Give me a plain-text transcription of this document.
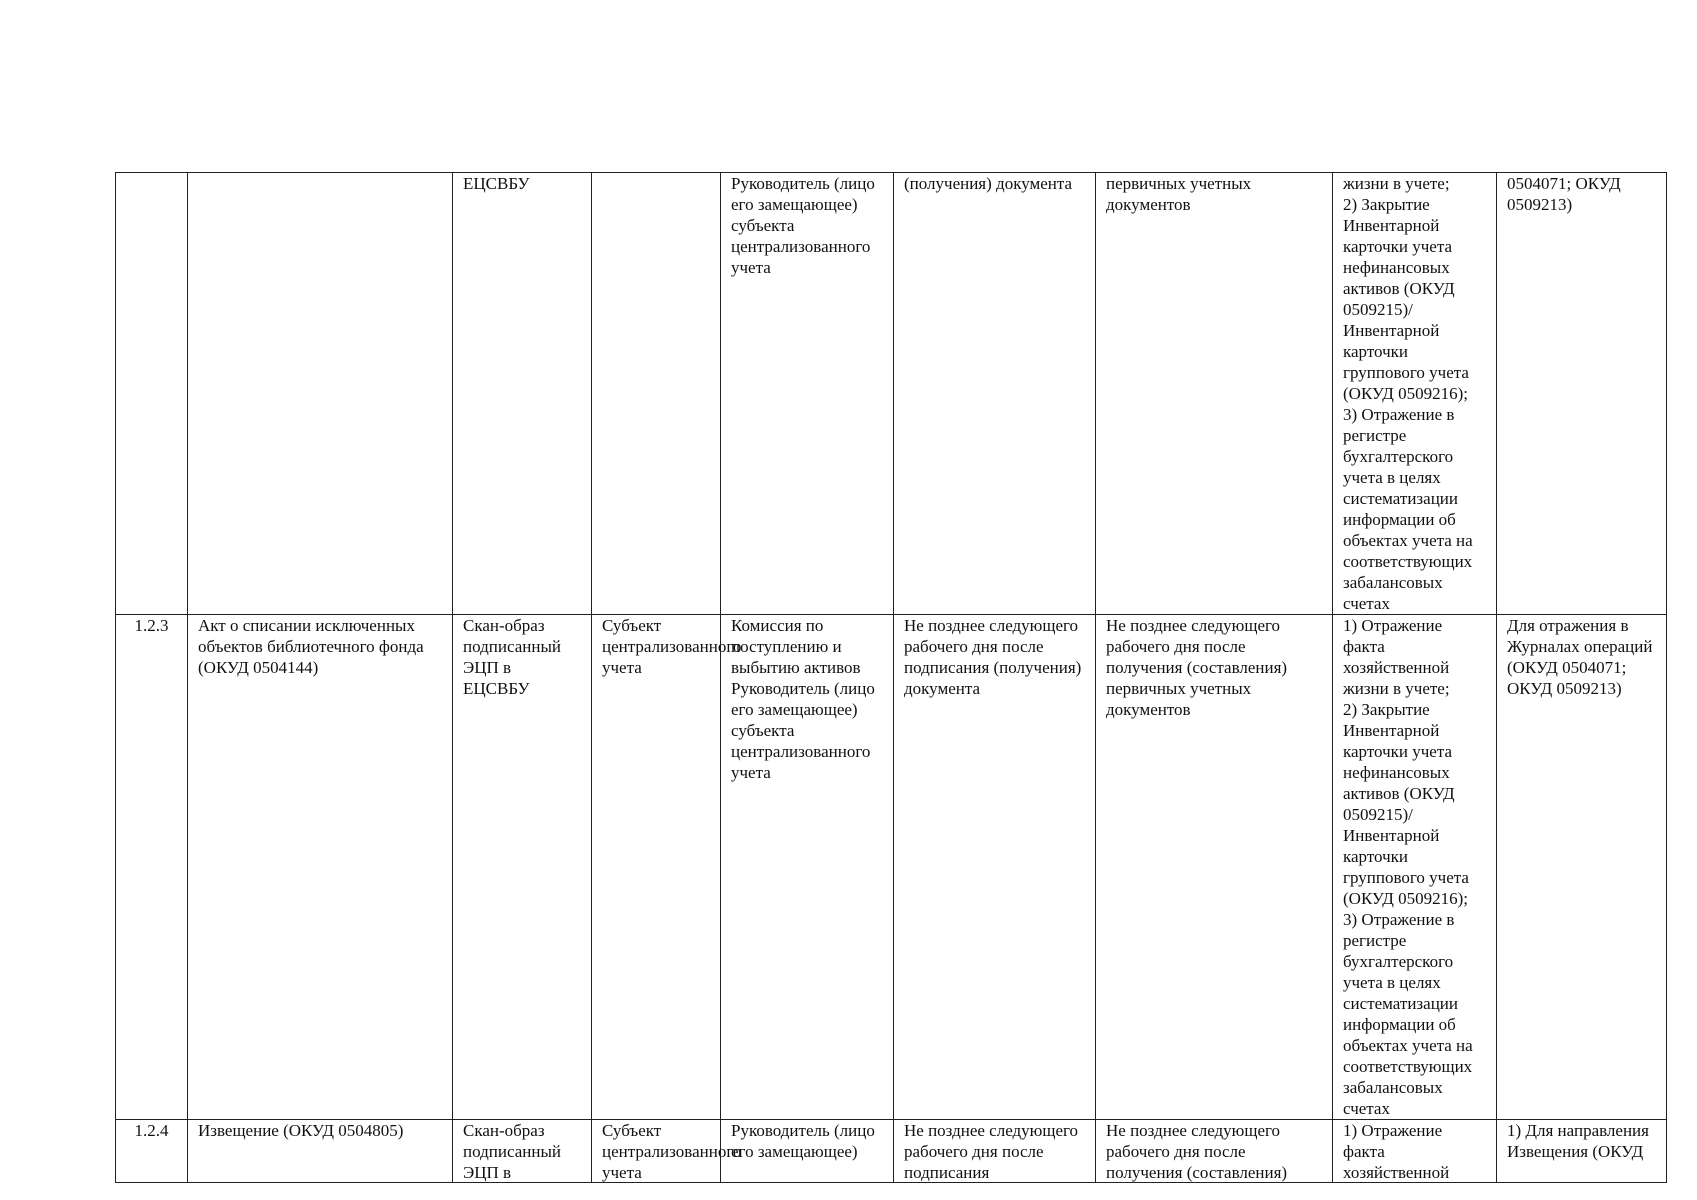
		ЕЦСВБУ		Руководитель (лицо его замещающее) субъекта централизованного учета	(получения) документа	первичных учетных документов	жизни в учете;
2) Закрытие Инвентарной карточки учета нефинансовых активов (ОКУД 0509215)/Инвентарной карточки группового учета (ОКУД 0509216);
3) Отражение в регистре бухгалтерского учета в целях систематизации информации об объектах учета на соответствующих забалансовых счетах	0504071; ОКУД 0509213)

1.2.3	Акт о списании исключенных объектов библиотечного фонда (ОКУД 0504144)	Скан-образ подписанный ЭЦП в ЕЦСВБУ	Субъект централизованного учета	Комиссия по поступлению и выбытию активов Руководитель (лицо его замещающее) субъекта централизованного учета	Не позднее следующего рабочего дня после подписания (получения) документа	Не позднее следующего рабочего дня после получения (составления) первичных учетных документов	1) Отражение факта хозяйственной жизни в учете;
2) Закрытие Инвентарной карточки учета нефинансовых активов (ОКУД 0509215)/Инвентарной карточки группового учета (ОКУД 0509216);
3) Отражение в регистре бухгалтерского учета в целях систематизации информации об объектах учета на соответствующих забалансовых счетах	Для отражения в Журналах операций (ОКУД 0504071; ОКУД 0509213)

1.2.4	Извещение (ОКУД 0504805)	Скан-образ подписанный ЭЦП в	Субъект централизованного учета	Руководитель (лицо его замещающее)	Не позднее следующего рабочего дня после подписания	Не позднее следующего рабочего дня после получения (составления)	1) Отражение факта хозяйственной	1) Для направления Извещения (ОКУД
